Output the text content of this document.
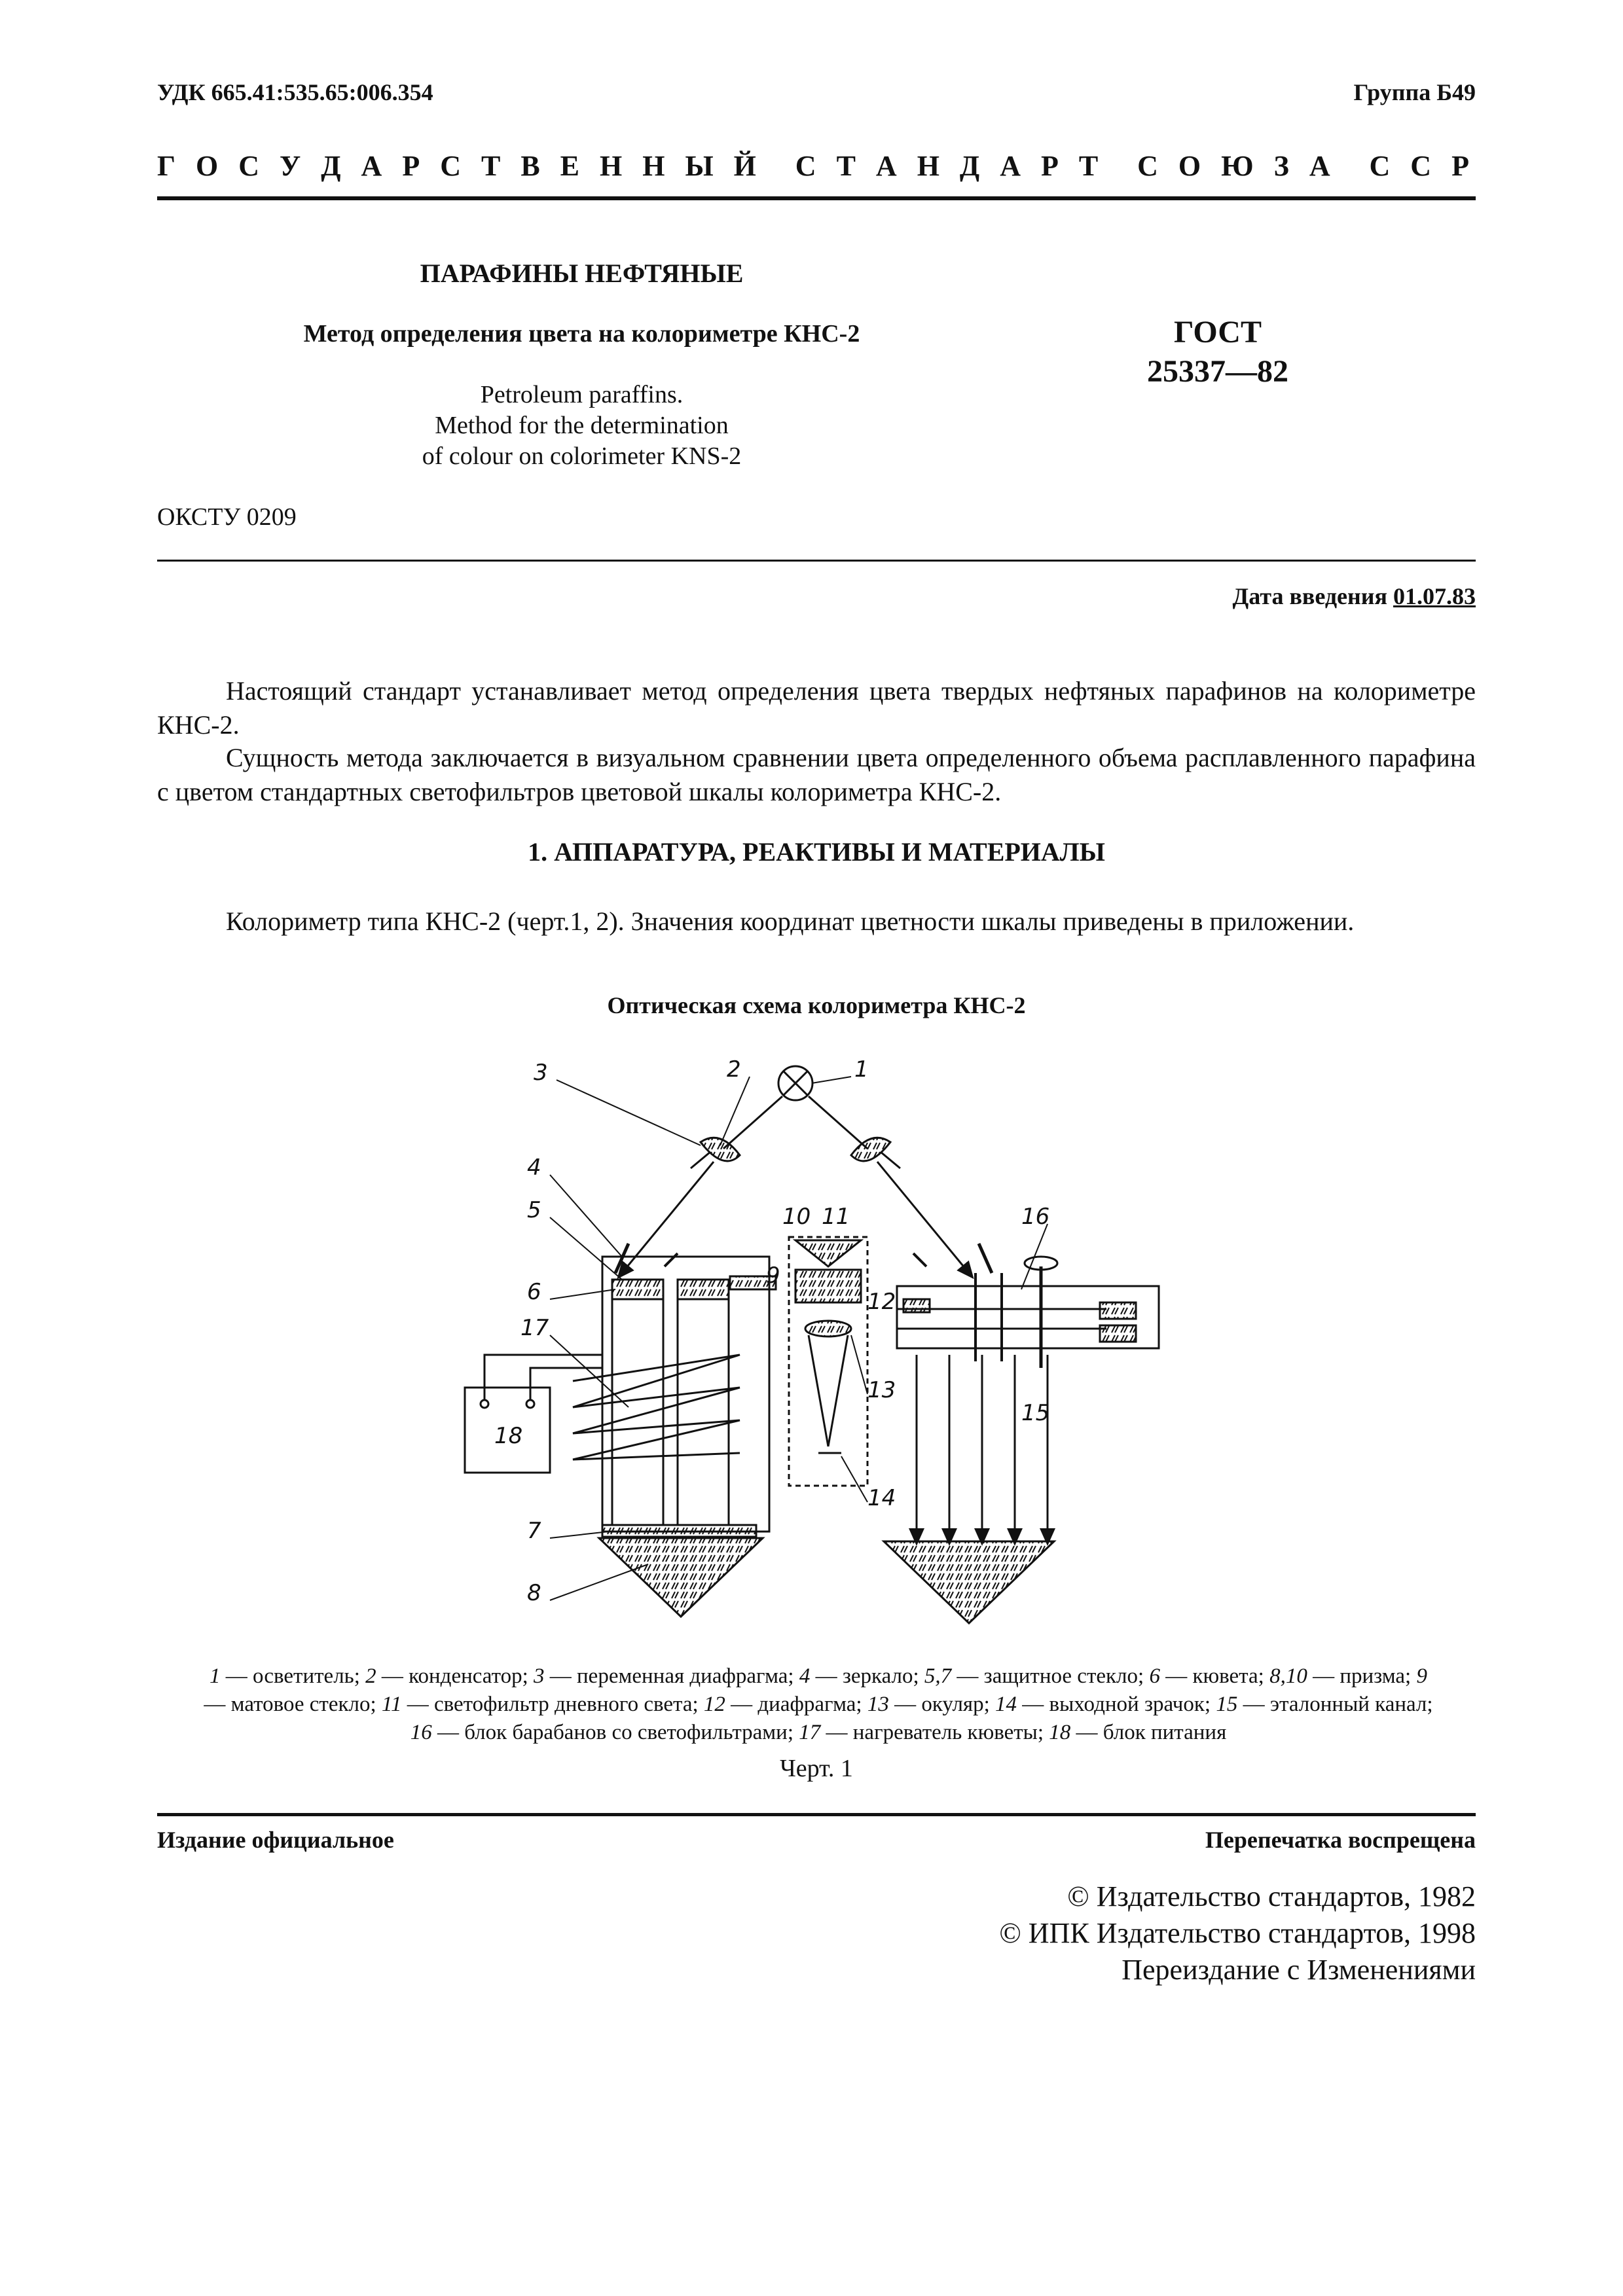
УДК 665.41:535.65:006.354	Группа Б49
Г О С У Д А Р С Т В Е Н Н Ы Й С Т А Н Д А Р Т С О Ю З А С С Р
ПАРАФИНЫ НЕФТЯНЫЕ
Метод определения цвета на колориметре КНС-2	ГОСТ
25337—82
Petroleum paraffins.
Method for the determination
of colour on colorimeter KNS-2
ОКСТУ 0209
Дата введения 01.07.83
Настоящий стандарт устанавливает метод определения цвета твердых нефтяных парафинов на колориметре КНС-2.
Сущность метода заключается в визуальном сравнении цвета определенного объема расплавленного парафина с цветом стандартных светофильтров цветовой шкалы колориметра КНС-2.
1. АППАРАТУРА, РЕАКТИВЫ И МАТЕРИАЛЫ
Колориметр типа КНС-2 (черт.1, 2). Значения координат цветности шкалы приведены в приложении.
Оптическая схема колориметра КНС-2
18
3	2	1
4
5
6
17
7
8
9
10 11
12
13
14
15
16
1 — осветитель; 2 — конденсатор; 3 — переменная диафрагма; 4 — зеркало; 5,7 — защитное стекло; 6 — кювета; 8,10 — призма; 9 — матовое стекло; 11 — светофильтр дневного света; 12 — диафрагма; 13 — окуляр; 14 — выходной зрачок; 15 — эталонный канал; 16 — блок барабанов со светофильтрами; 17 — нагреватель кюветы; 18 — блок питания
Черт. 1
Издание официальное	Перепечатка воспрещена
© Издательство стандартов, 1982
© ИПК Издательство стандартов, 1998
Переиздание с Изменениями
